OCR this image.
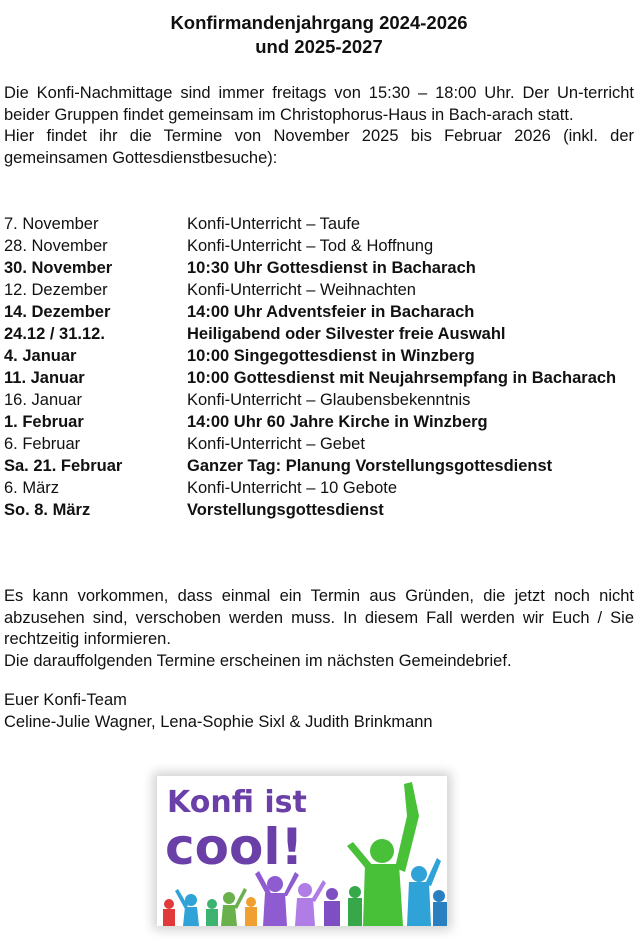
Konfirmandenjahrgang 2024-2026
und 2025-2027
Die Konfi-Nachmittage sind immer freitags von 15:30 – 18:00 Uhr. Der Un-terricht beider Gruppen findet gemeinsam im Christophorus-Haus in Bach-arach statt.
Hier findet ihr die Termine von November 2025 bis Februar 2026 (inkl. der gemeinsamen Gottesdienstbesuche):
7. November	Konfi-Unterricht – Taufe
28. November	Konfi-Unterricht – Tod & Hoffnung
30. November	10:30 Uhr Gottesdienst in Bacharach
12. Dezember	Konfi-Unterricht – Weihnachten
14. Dezember	14:00 Uhr Adventsfeier in Bacharach
24.12 / 31.12.	Heiligabend oder Silvester freie Auswahl
4. Januar	10:00 Singegottesdienst in Winzberg
11. Januar	10:00 Gottesdienst mit Neujahrsempfang in Bacharach
16. Januar	Konfi-Unterricht – Glaubensbekenntnis
1. Februar	14:00 Uhr 60 Jahre Kirche in Winzberg
6. Februar	Konfi-Unterricht – Gebet
Sa. 21. Februar	Ganzer Tag: Planung Vorstellungsgottesdienst
6. März	Konfi-Unterricht – 10 Gebote
So. 8. März	Vorstellungsgottesdienst
Es kann vorkommen, dass einmal ein Termin aus Gründen, die jetzt noch nicht abzusehen sind, verschoben werden muss. In diesem Fall werden wir Euch / Sie rechtzeitig informieren.
Die darauffolgenden Termine erscheinen im nächsten Gemeindebrief.
Euer Konfi-Team
Celine-Julie Wagner, Lena-Sophie Sixl & Judith Brinkmann
Konfi ist
cool!
